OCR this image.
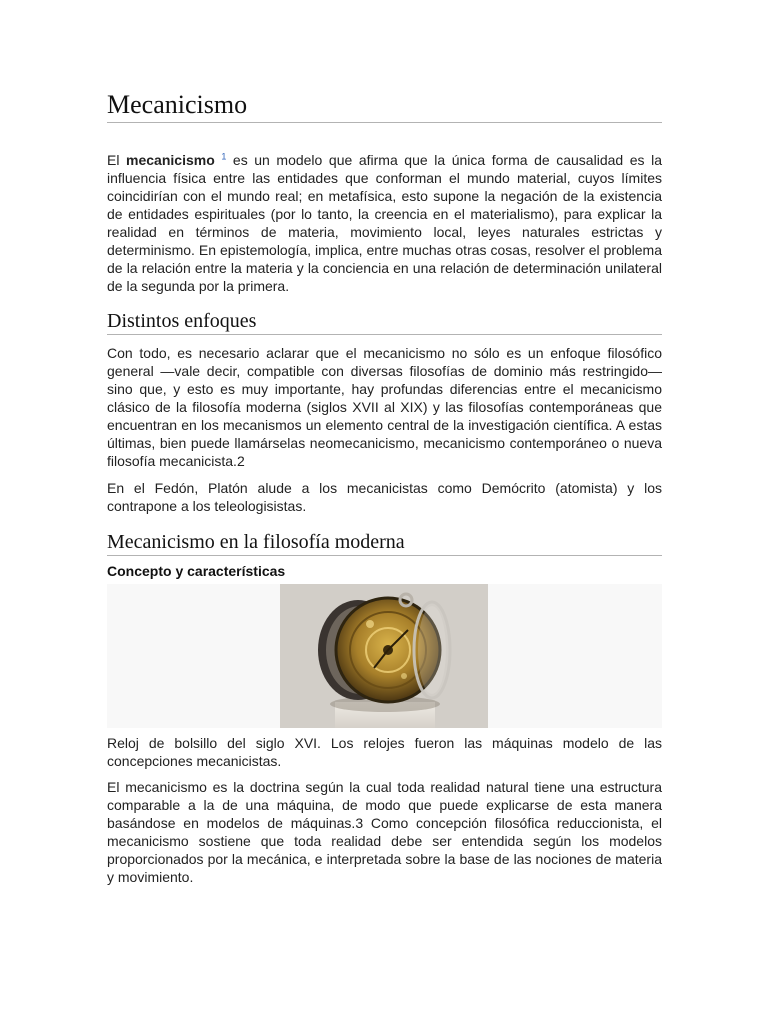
Mecanicismo

El mecanicismo $^1$ es un modelo que afirma que la única forma de causalidad es la influencia física entre las entidades que conforman el mundo material, cuyos límites coincidirían con el mundo real; en metafísica, esto supone la negación de la existencia de entidades espirituales (por lo tanto, la creencia en el materialismo), para explicar la realidad en términos de materia, movimiento local, leyes naturales estrictas y determinismo. En epistemología, implica, entre muchas otras cosas, resolver el problema de la relación entre la materia y la conciencia en una relación de determinación unilateral de la segunda por la primera.

Distintos enfoques

Con todo, es necesario aclarar que el mecanicismo no sólo es un enfoque filosófico general —vale decir, compatible con diversas filosofías de dominio más restringido— sino que, y esto es muy importante, hay profundas diferencias entre el mecanicismo clásico de la filosofía moderna (siglos XVII al XIX) y las filosofías contemporáneas que encuentran en los mecanismos un elemento central de la investigación científica. A estas últimas, bien puede llamárselas neomecanicismo, mecanicismo contemporáneo o nueva filosofía mecanicista.2

En el Fedón, Platón alude a los mecanicistas como Demócrito (atomista) y los contrapone a los teleologisistas.

Mecanicismo en la filosofía moderna
Concepto y características

Reloj de bolsillo del siglo XVI. Los relojes fueron las máquinas modelo de las concepciones mecanicistas.

El mecanicismo es la doctrina según la cual toda realidad natural tiene una estructura comparable a la de una máquina, de modo que puede explicarse de esta manera basándose en modelos de máquinas.3 Como concepción filosófica reduccionista, el mecanicismo sostiene que toda realidad debe ser entendida según los modelos proporcionados por la mecánica, e interpretada sobre la base de las nociones de materia y movimiento.
